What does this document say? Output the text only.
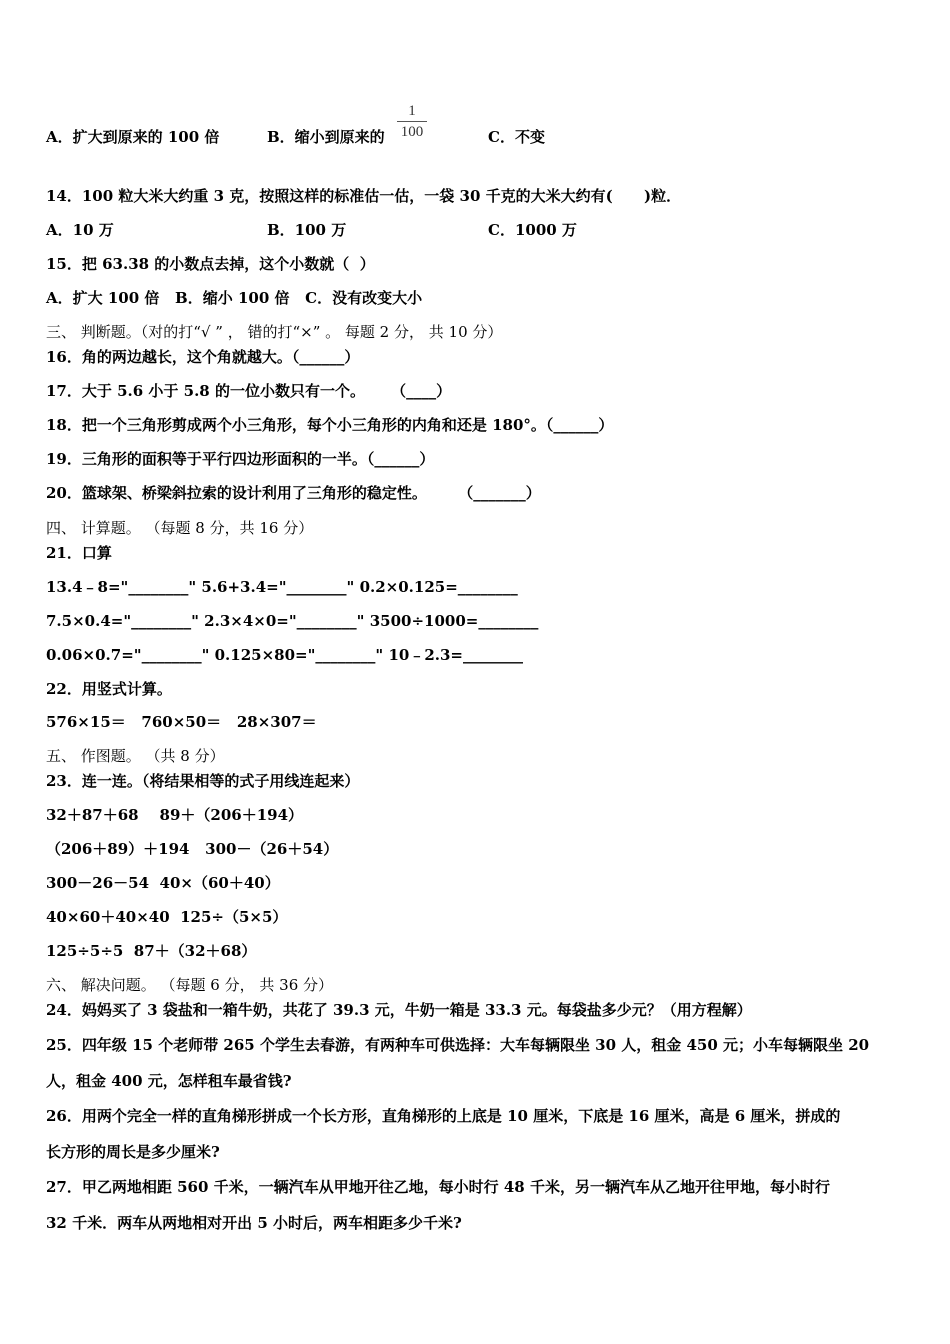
A．扩大到原来的 100 倍	B．缩小到原来的
1
100	C．不变
14．100 粒大米大约重 3 克，按照这样的标准估一估，一袋 30 千克的大米大约有(      )粒．
A．10 万	B．100 万	C．1000 万
15．把 63.38 的小数点去掉，这个小数就（  ）
A．扩大 100 倍   B．缩小 100 倍   C．没有改变大小
三、 判断题。（对的打“√ ” ， 错的打“×” 。 每题 2 分， 共 10 分）
16．角的两边越长，这个角就越大。（______）
17．大于 5.6 小于 5.8 的一位小数只有一个。     （____）
18．把一个三角形剪成两个小三角形，每个小三角形的内角和还是 180°。（______）
19．三角形的面积等于平行四边形面积的一半。（______）
20．篮球架、桥梁斜拉索的设计利用了三角形的稳定性。      （_______）
四、 计算题。 （每题 8 分，共 16 分）
21．口算
13.4﹣8="________" 5.6+3.4="________" 0.2×0.125=________
7.5×0.4="________" 2.3×4×0="________" 3500÷1000=________
0.06×0.7="________" 0.125×80="________" 10﹣2.3=________
22．用竖式计算。
576×15＝   760×50＝   28×307＝
五、 作图题。 （共 8 分）
23．连一连。（将结果相等的式子用线连起来）
32＋87＋68    89＋（206＋194）
（206＋89）＋194   300－（26＋54）
300－26－54  40×（60＋40）
40×60＋40×40  125÷（5×5）
125÷5÷5  87＋（32＋68）
六、 解决问题。 （每题 6 分， 共 36 分）
24．妈妈买了 3 袋盐和一箱牛奶，共花了 39.3 元，牛奶一箱是 33.3 元。每袋盐多少元？（用方程解）
25．四年级 15 个老师带 265 个学生去春游，有两种车可供选择：大车每辆限坐 30 人，租金 450 元；小车每辆限坐 20
人，租金 400 元，怎样租车最省钱?
26．用两个完全一样的直角梯形拼成一个长方形，直角梯形的上底是 10 厘米，下底是 16 厘米，高是 6 厘米，拼成的
长方形的周长是多少厘米?
27．甲乙两地相距 560 千米，一辆汽车从甲地开往乙地，每小时行 48 千米，另一辆汽车从乙地开往甲地，每小时行
32 千米．两车从两地相对开出 5 小时后，两车相距多少千米?
